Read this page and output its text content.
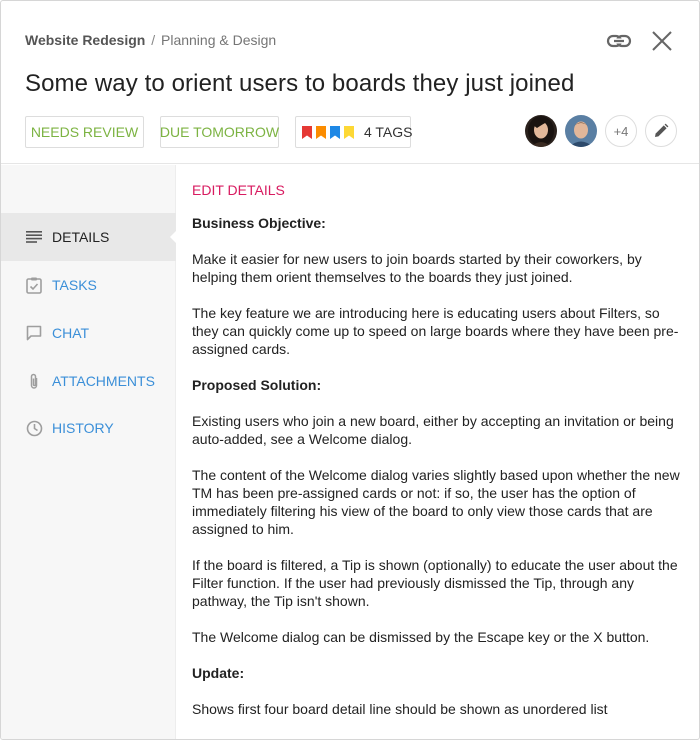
Website Redesign / Planning & Design
Some way to orient users to boards they just joined
NEEDS REVIEW	DUE TOMORROW	4 TAGS	+4
DETAILS
TASKS
CHAT
ATTACHMENTS
HISTORY
EDIT DETAILS
Business Objective:
Make it easier for new users to join boards started by their coworkers, by helping them orient themselves to the boards they just joined.
The key feature we are introducing here is educating users about Filters, so they can quickly come up to speed on large boards where they have been pre-assigned cards.
Proposed Solution:
Existing users who join a new board, either by accepting an invitation or being auto-added, see a Welcome dialog.
The content of the Welcome dialog varies slightly based upon whether the new TM has been pre-assigned cards or not: if so, the user has the option of immediately filtering his view of the board to only view those cards that are assigned to him.
If the board is filtered, a Tip is shown (optionally) to educate the user about the Filter function. If the user had previously dismissed the Tip, through any pathway, the Tip isn't shown.
The Welcome dialog can be dismissed by the Escape key or the X button.
Update:
Shows first four board detail line should be shown as unordered list
